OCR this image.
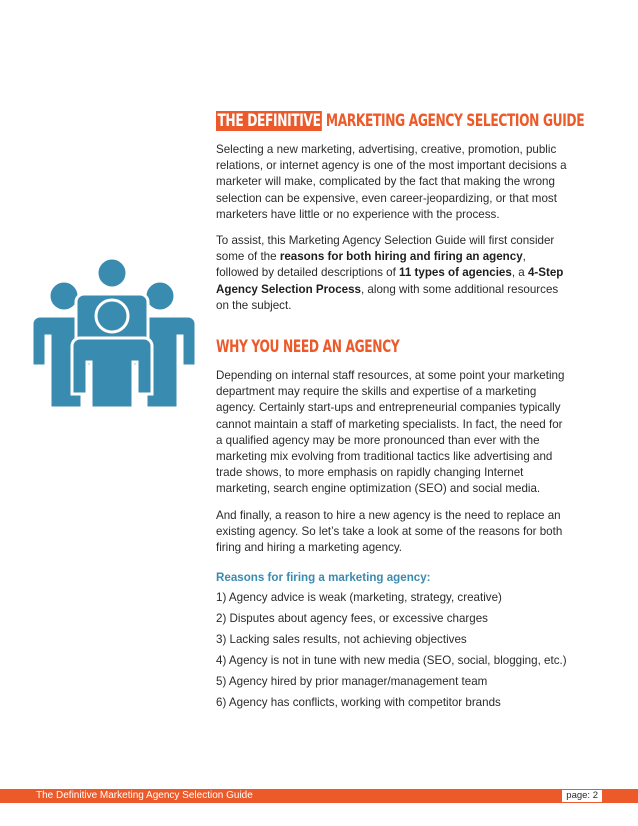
THE DEFINITIVE MARKETING AGENCY SELECTION GUIDE

Selecting a new marketing, advertising, creative, promotion, public relations, or internet agency is one of the most important decisions a marketer will make, complicated by the fact that making the wrong selection can be expensive, even career-jeopardizing, or that most marketers have little or no experience with the process.

To assist, this Marketing Agency Selection Guide will first consider some of the reasons for both hiring and firing an agency, followed by detailed descriptions of 11 types of agencies, a 4-Step Agency Selection Process, along with some additional resources on the subject.

WHY YOU NEED AN AGENCY

Depending on internal staff resources, at some point your marketing department may require the skills and expertise of a marketing agency. Certainly start-ups and entrepreneurial companies typically cannot maintain a staff of marketing specialists. In fact, the need for a qualified agency may be more pronounced than ever with the marketing mix evolving from traditional tactics like advertising and trade shows, to more emphasis on rapidly changing Internet marketing, search engine optimization (SEO) and social media.

And finally, a reason to hire a new agency is the need to replace an existing agency. So let’s take a look at some of the reasons for both firing and hiring a marketing agency.

Reasons for firing a marketing agency:
1) Agency advice is weak (marketing, strategy, creative)
2) Disputes about agency fees, or excessive charges
3) Lacking sales results, not achieving objectives
4) Agency is not in tune with new media (SEO, social, blogging, etc.)
5) Agency hired by prior manager/management team
6) Agency has conflicts, working with competitor brands
The Definitive Marketing Agency Selection Guide	page: 2
